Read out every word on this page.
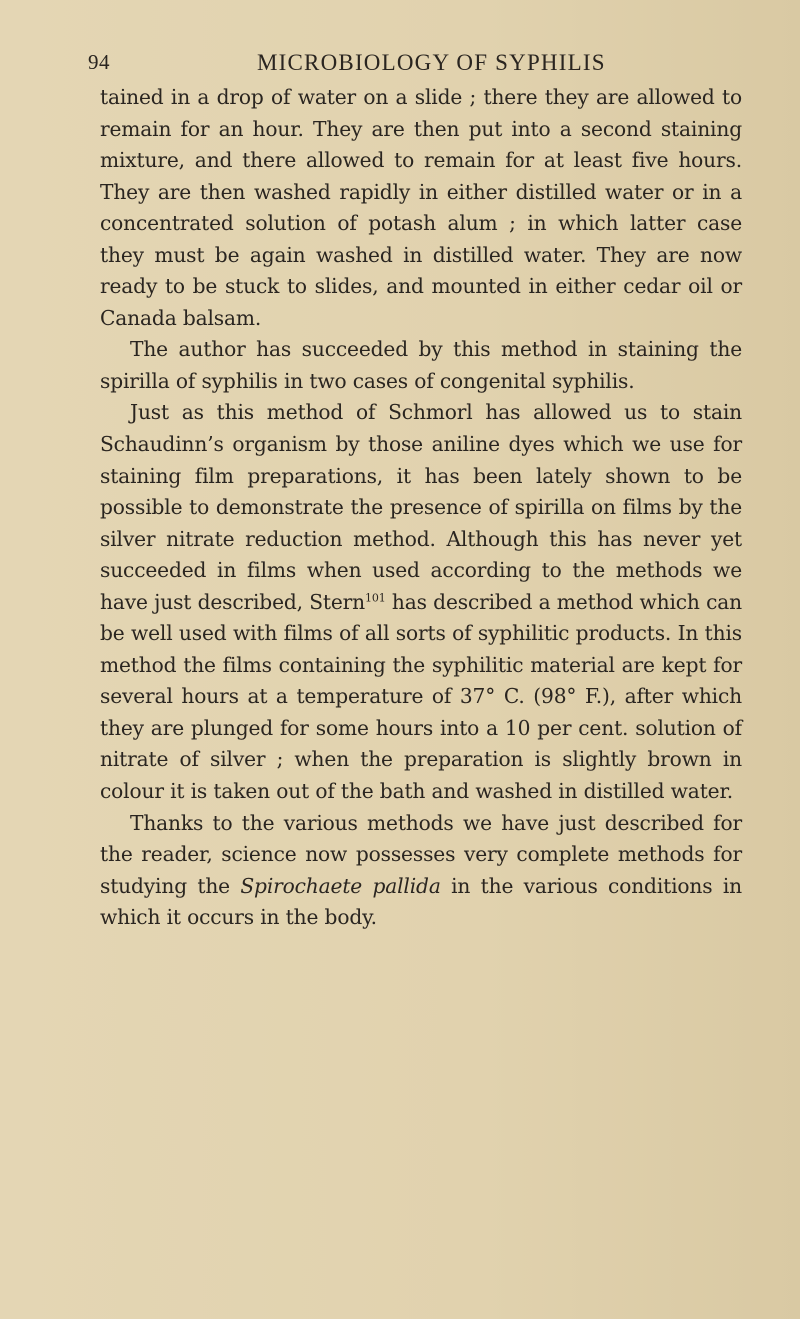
94	MICROBIOLOGY OF SYPHILIS

tained in a drop of water on a slide ; there they are allowed to remain for an hour. They are then put into a second staining mixture, and there allowed to remain for at least five hours. They are then washed rapidly in either distilled water or in a concentrated solution of potash alum ; in which latter case they must be again washed in distilled water. They are now ready to be stuck to slides, and mounted in either cedar oil or Canada balsam.

The author has succeeded by this method in staining the spirilla of syphilis in two cases of congenital syphilis.

Just as this method of Schmorl has allowed us to stain Schaudinn’s organism by those aniline dyes which we use for staining film preparations, it has been lately shown to be possible to demonstrate the presence of spirilla on films by the silver nitrate reduction method. Although this has never yet succeeded in films when used according to the methods we have just described, Stern$^{101}$ has described a method which can be well used with films of all sorts of syphilitic products. In this method the films containing the syphilitic material are kept for several hours at a temperature of 37° C. (98° F.), after which they are plunged for some hours into a 10 per cent. solution of nitrate of silver ; when the preparation is slightly brown in colour it is taken out of the bath and washed in distilled water.

Thanks to the various methods we have just described for the reader, science now possesses very complete methods for studying the Spirochaete pallida in the various conditions in which it occurs in the body.
